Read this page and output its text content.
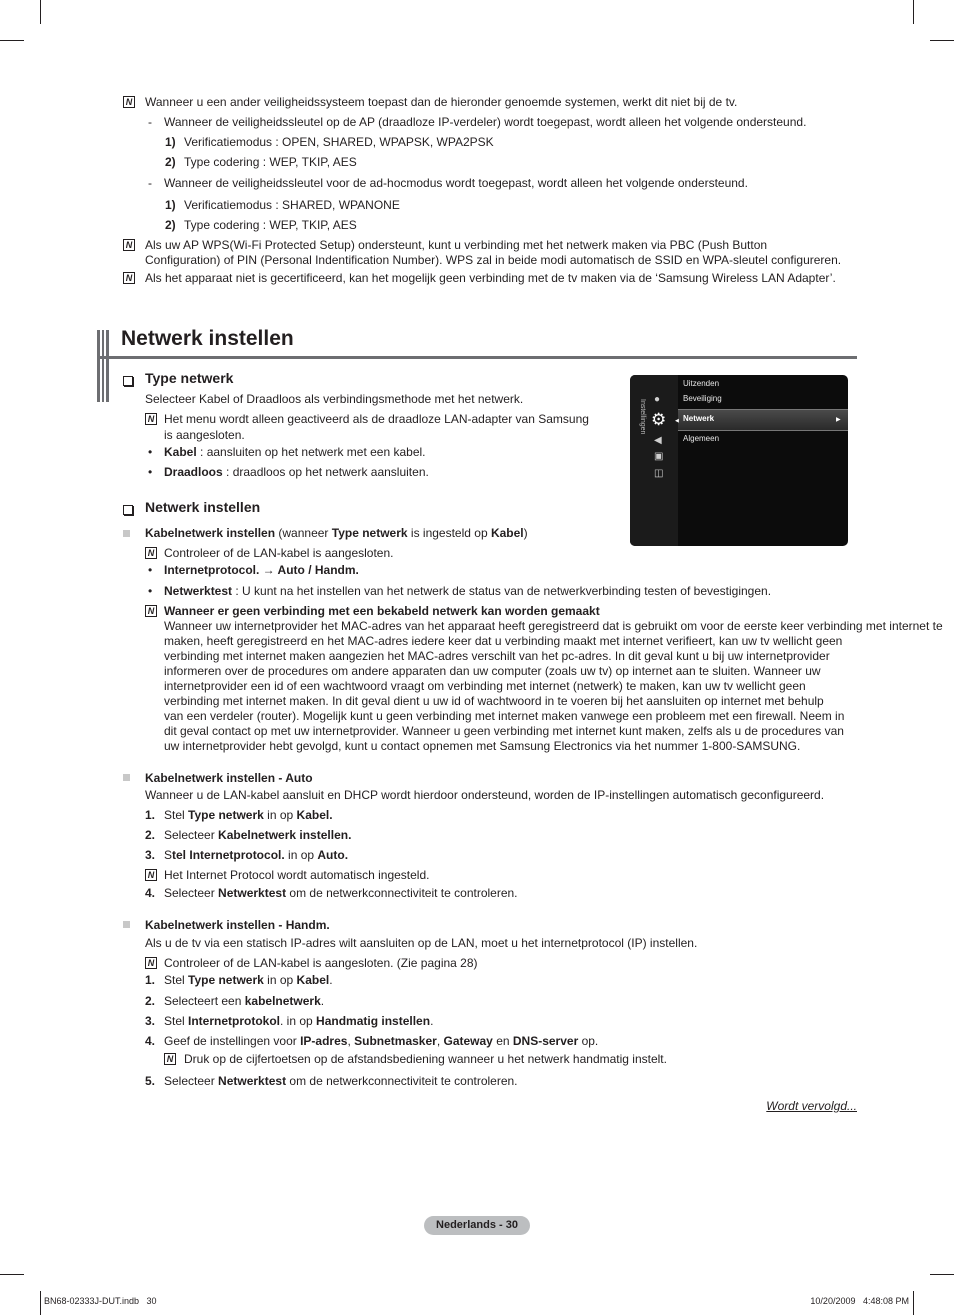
N Wanneer u een ander veiligheidssysteem toepast dan de hieronder genoemde systemen, werkt dit niet bij de tv.
- Wanneer de veiligheidssleutel op de AP (draadloze IP-verdeler) wordt toegepast, wordt alleen het volgende ondersteund.
1) Verificatiemodus : OPEN, SHARED, WPAPSK, WPA2PSK
2) Type codering : WEP, TKIP, AES
- Wanneer de veiligheidssleutel voor de ad-hocmodus wordt toegepast, wordt alleen het volgende ondersteund.
1) Verificatiemodus : SHARED, WPANONE
2) Type codering : WEP, TKIP, AES
N Als uw AP WPS(Wi-Fi Protected Setup) ondersteunt, kunt u verbinding met het netwerk maken via PBC (Push Button
Configuration) of PIN (Personal Indentification Number). WPS zal in beide modi automatisch de SSID en WPA-sleutel configureren.
N Als het apparaat niet is gecertificeerd, kan het mogelijk geen verbinding met de tv maken via de ‘Samsung Wireless LAN Adapter’.
Netwerk instellen
Type netwerk
Selecteer Kabel of Draadloos als verbindingsmethode met het netwerk.
N Het menu wordt alleen geactiveerd als de draadloze LAN-adapter van Samsung
is aangesloten.
• Kabel : aansluiten op het netwerk met een kabel.
• Draadloos : draadloos op het netwerk aansluiten.
Instellingen ●
⚙
◀
▣
◫
Uitzenden
Beveiliging
Netwerk	▶
◀
Algemeen
Netwerk instellen
Kabelnetwerk instellen (wanneer Type netwerk is ingesteld op Kabel)
N Controleer of de LAN-kabel is aangesloten.
• Internetprotocol. → Auto / Handm.
• Netwerktest : U kunt na het instellen van het netwerk de status van de netwerkverbinding testen of bevestigingen.
N Wanneer er geen verbinding met een bekabeld netwerk kan worden gemaakt
Wanneer uw internetprovider het MAC-adres van het apparaat heeft geregistreerd dat is gebruikt om voor de eerste keer verbinding met internet te
maken, heeft geregistreerd en het MAC-adres iedere keer dat u verbinding maakt met internet verifieert, kan uw tv wellicht geen
verbinding met internet maken aangezien het MAC-adres verschilt van het pc-adres. In dit geval kunt u bij uw internetprovider
informeren over de procedures om andere apparaten dan uw computer (zoals uw tv) op internet aan te sluiten. Wanneer uw
internetprovider een id of een wachtwoord vraagt om verbinding met internet (netwerk) te maken, kan uw tv wellicht geen
verbinding met internet maken. In dit geval dient u uw id of wachtwoord in te voeren bij het aansluiten op internet met behulp
van een verdeler (router). Mogelijk kunt u geen verbinding met internet maken vanwege een probleem met een firewall. Neem in
dit geval contact op met uw internetprovider. Wanneer u geen verbinding met internet kunt maken, zelfs als u de procedures van
uw internetprovider hebt gevolgd, kunt u contact opnemen met Samsung Electronics via het nummer 1-800-SAMSUNG.
Kabelnetwerk instellen - Auto
Wanneer u de LAN-kabel aansluit en DHCP wordt hierdoor ondersteund, worden de IP-instellingen automatisch geconfigureerd.
1. Stel Type netwerk in op Kabel.
2. Selecteer Kabelnetwerk instellen.
3. Stel Internetprotocol. in op Auto.
N Het Internet Protocol wordt automatisch ingesteld.
4. Selecteer Netwerktest om de netwerkconnectiviteit te controleren.
Kabelnetwerk instellen - Handm.
Als u de tv via een statisch IP-adres wilt aansluiten op de LAN, moet u het internetprotocol (IP) instellen.
N Controleer of de LAN-kabel is aangesloten. (Zie pagina 28)
1. Stel Type netwerk in op Kabel.
2. Selecteert een kabelnetwerk.
3. Stel Internetprotokol. in op Handmatig instellen.
4. Geef de instellingen voor IP-adres, Subnetmasker, Gateway en DNS-server op.
N Druk op de cijfertoetsen op de afstandsbediening wanneer u het netwerk handmatig instelt.
5. Selecteer Netwerktest om de netwerkconnectiviteit te controleren.
Wordt vervolgd...
Nederlands - 30
BN68-02333J-DUT.indb   30	10/20/2009   4:48:08 PM
